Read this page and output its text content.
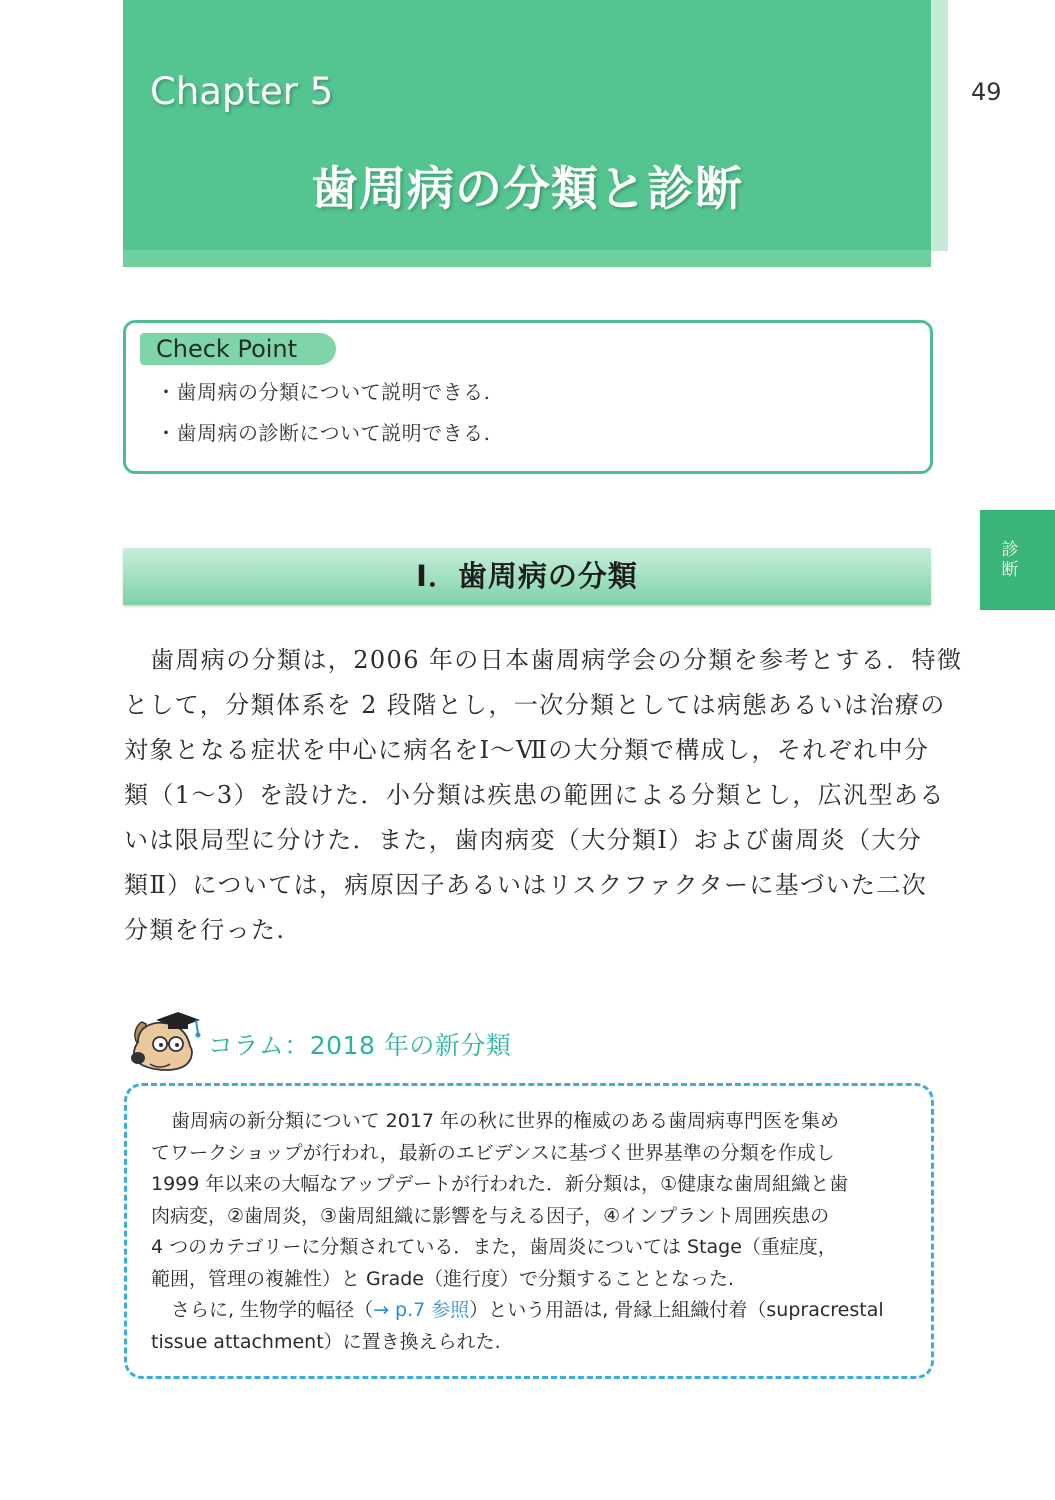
Chapter 5
歯周病の分類と診断
49
Check Point
・歯周病の分類について説明できる.
・歯周病の診断について説明できる.
診断
Ⅰ．歯周病の分類
歯周病の分類は，2006 年の日本歯周病学会の分類を参考とする．特徴
として，分類体系を 2 段階とし，一次分類としては病態あるいは治療の
対象となる症状を中心に病名をⅠ～Ⅶの大分類で構成し，それぞれ中分
類（1～3）を設けた．小分類は疾患の範囲による分類とし，広汎型ある
いは限局型に分けた．また，歯肉病変（大分類Ⅰ）および歯周炎（大分
類Ⅱ）については，病原因子あるいはリスクファクターに基づいた二次
分類を行った.
コラム：2018 年の新分類
歯周病の新分類について 2017 年の秋に世界的権威のある歯周病専門医を集め
てワークショップが行われ，最新のエビデンスに基づく世界基準の分類を作成し
1999 年以来の大幅なアップデートが行われた．新分類は，①健康な歯周組織と歯
肉病変，②歯周炎，③歯周組織に影響を与える因子，④インプラント周囲疾患の
4 つのカテゴリーに分類されている．また，歯周炎については Stage（重症度，
範囲，管理の複雑性）と Grade（進行度）で分類することとなった.
さらに, 生物学的幅径（→ p.7 参照）という用語は, 骨縁上組織付着（supracrestal
tissue attachment）に置き換えられた.
